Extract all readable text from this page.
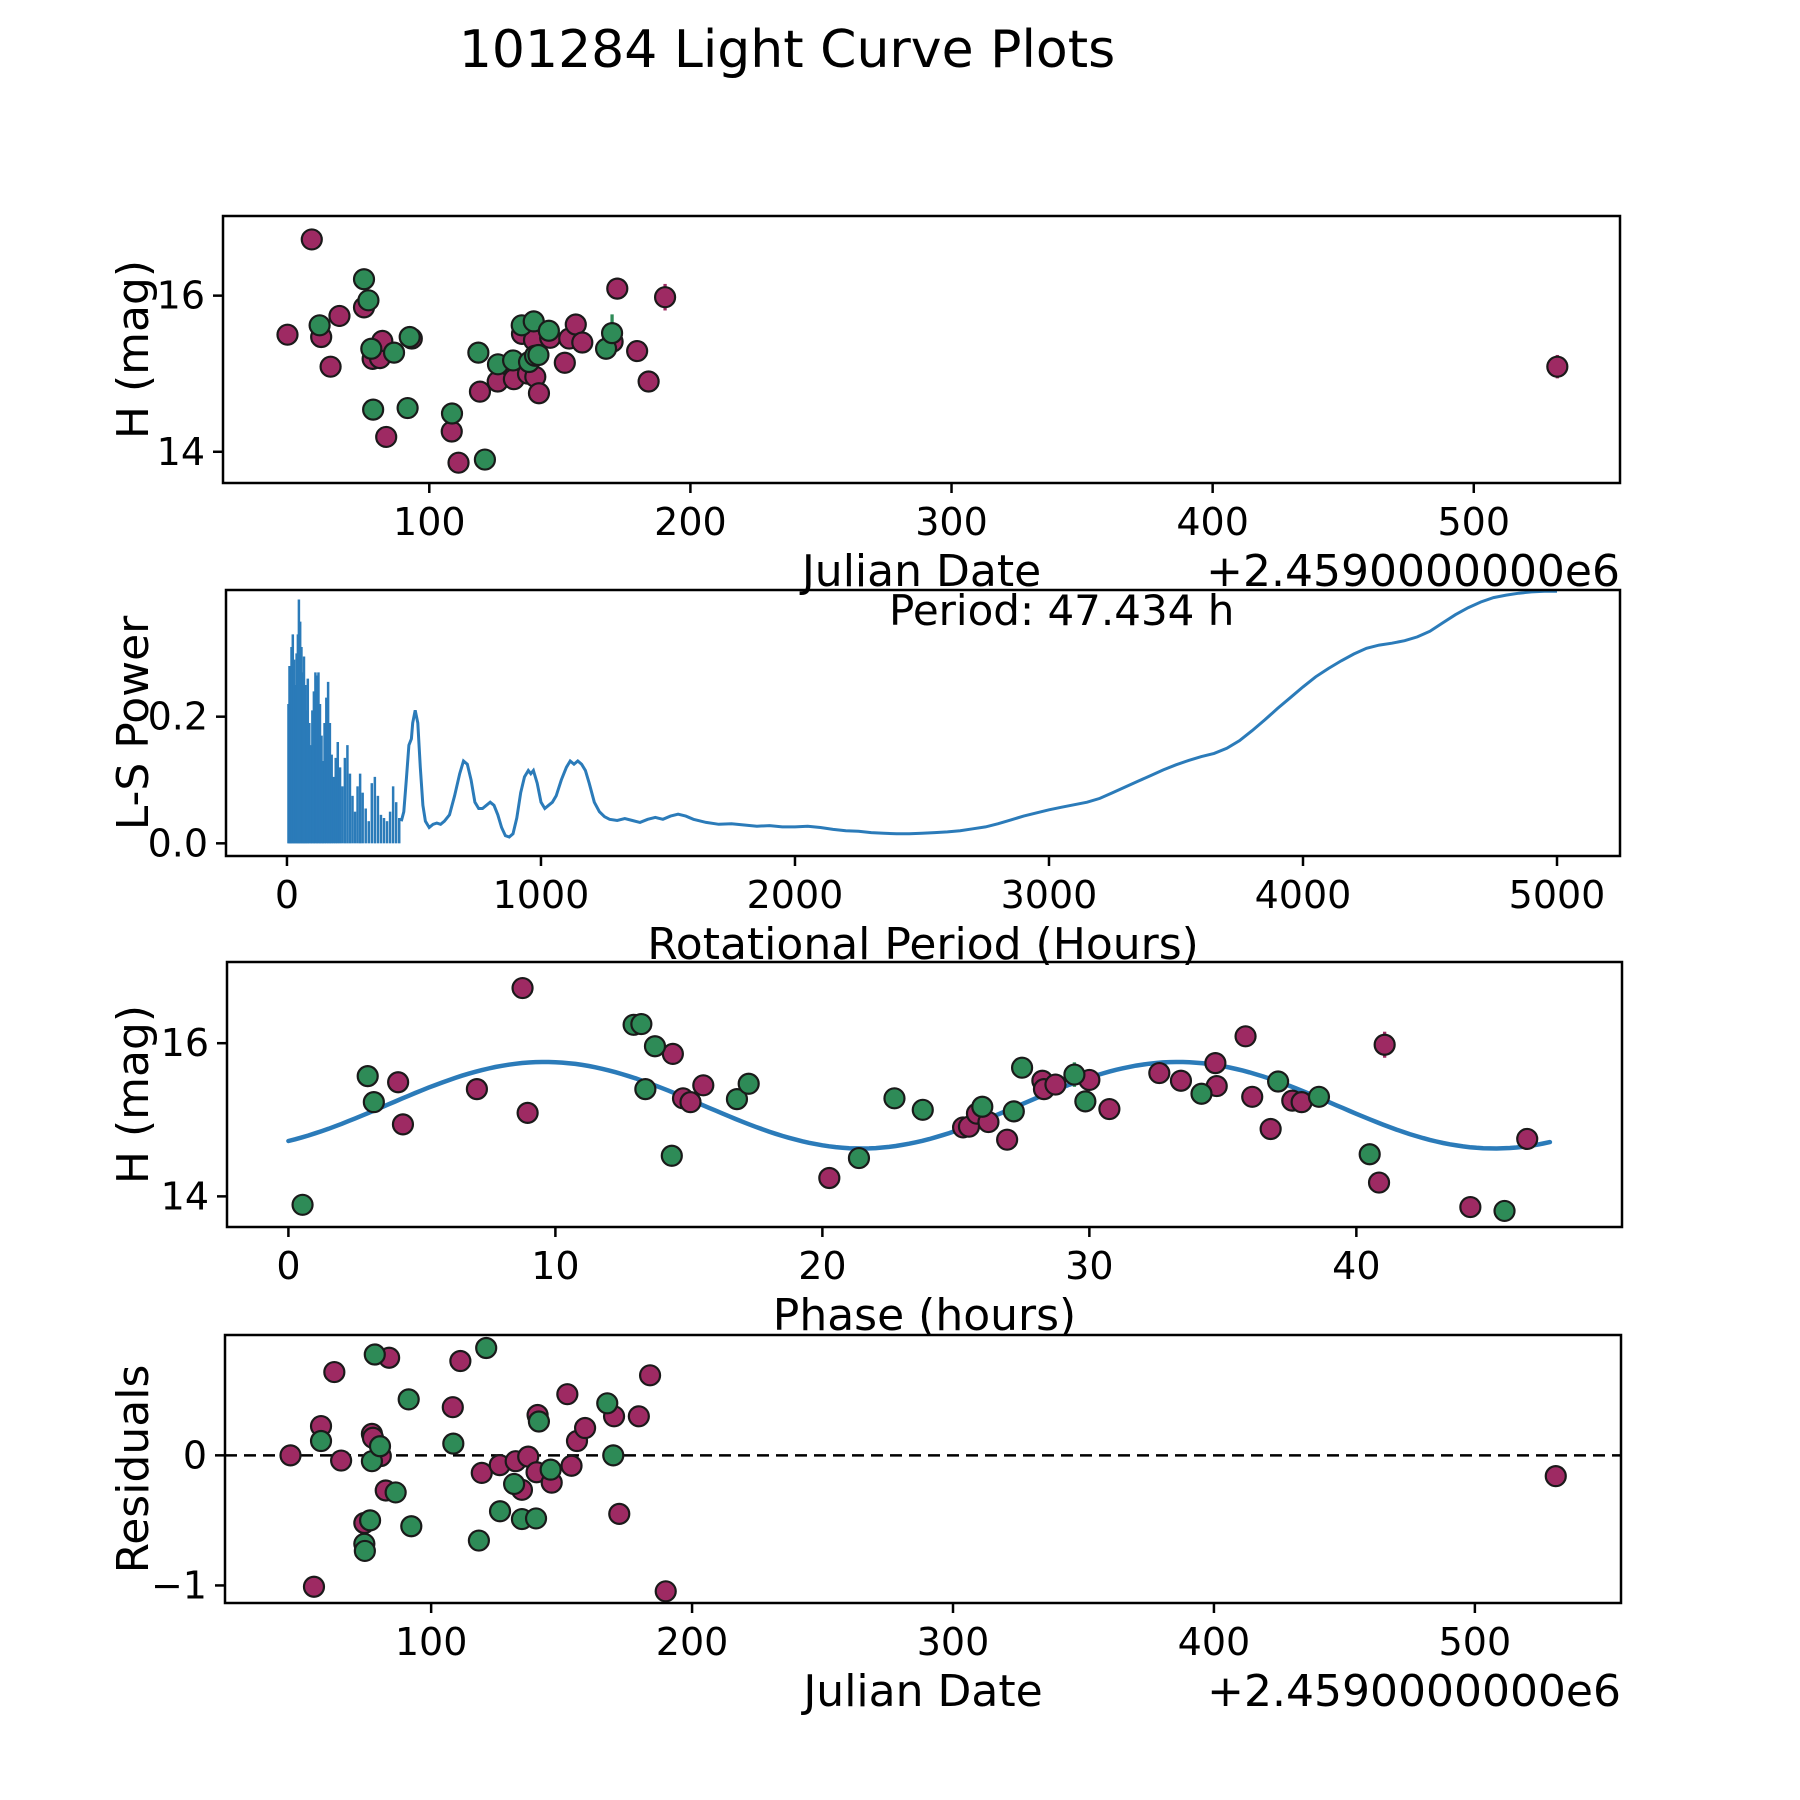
101284 Light Curve Plots
100	200	300	400	500
14
16
Julian Date	+2.4590000000e6
H (mag)
0	1000	2000	3000	4000	5000
0.0
0.2
Rotational Period (Hours)
L-S Power
Period: 47.434 h
0	10	20	30	40
14
16
Phase (hours)
H (mag)
100	200	300	400	500
−1
0
Julian Date	+2.4590000000e6
Residuals
